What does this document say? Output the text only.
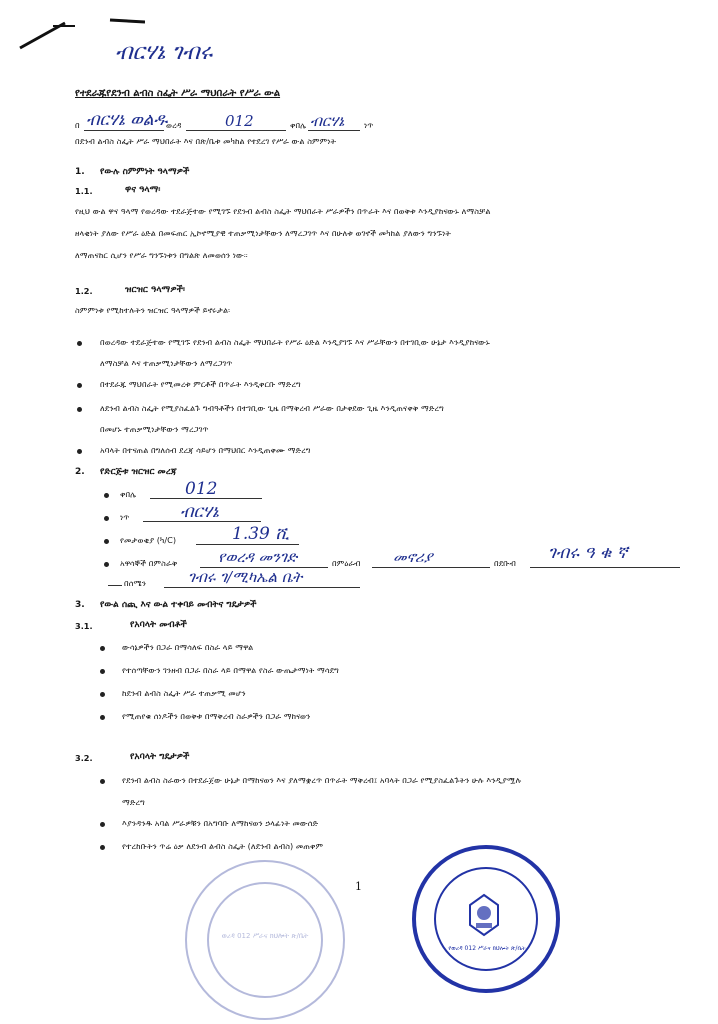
ብርሃኔ ገብሩ
የተደራጁየደንብ ልብስ ስፌት ሥራ ማህበራት የሥራ ውል
በ ብርሃኔ ወልዱ
ወረዳ	012	ቀበሌ ብርሃኔ ነጥ
በደንብ ልብስ ስፌት ሥራ ማህበራት እና በጽ/ቤቱ መካከል የተደረገ የሥራ ውል ስምምነት
1. የውሉ ስምምነት ዓላማዎች
1.1.	ዋና ዓላማ፡
የዚህ ውል ዋና ዓላማ የወረዳው ተደራጅተው የሚገኙ የደንብ ልብስ ስፌት ማህበራት ሥራዎችን በጥራት እና በወቅቱ እንዲያከናውኑ ለማስቻል
ዘላቂነት ያለው የሥራ ዕድል በመፍጠር ኢኮኖሚያዊ ተጠቃሚነታቸውን ለማረጋገጥ እና በሁለቱ ወገኖች መካከል ያለውን ግንኙነት
ለማጠናከር ሲሆን የሥራ ግንኙነቱን በግልጽ ለመወሰን ነው።
1.2.	ዝርዝር ዓላማዎች፡
ስምምነቱ የሚከተሉትን ዝርዝር ዓላማዎች ይኖሩታል፡
በወረዳው ተደራጅተው የሚገኙ የደንብ ልብስ ስፌት ማህበራት የሥራ ዕድል እንዲያገኙ እና ሥራቸውን በተገቢው ሁኔታ እንዲያከናውኑ
ለማስቻል እና ተጠቃሚነታቸውን ለማረጋገጥ
በተደራጁ ማህበራት የሚመረቱ ምርቶች በጥራት እንዲቀርቡ ማድረግ
ለደንብ ልብስ ስፌት የሚያስፈልጉ ግብዓቶችን በተገቢው ጊዜ በማቅረብ ሥራው በታቀደው ጊዜ እንዲጠናቀቅ ማድረግ
በመሆኑ ተጠቃሚነታቸውን ማረጋገጥ
አባላት በተናጠል በግለሰብ ደረጃ ሳይሆን በማህበር እንዲጠቀሙ ማድረግ
2. የድርጅቱ ዝርዝር መረጃ
ቀበሌ	012
ነጥ	ብርሃኔ
የመታወቂያ (ካ/C)	1.39 ሺ
አዋሳኞች በምስራቅ	የወረዳ መንገድ	በምዕራብ መኖሪያ	በደቡብ ገብሩ ዓ ቁ ኛ
በሰሜን	ገብሩ ገ/ሚካኤል ቤት
3. የውል ሰጪ እና ውል ተቀባይ መብትና ግዴታዎች
3.1.	የአባላት መብቶች
ውሳኔዎችን በጋራ በማሳለፍ በስራ ላይ ማዋል
የተሰጣቸውን ገንዘብ በጋራ በስራ ላይ በማዋል የስራ ውጤታማነት ማሳደግ
ከደንብ ልብስ ስፌት ሥራ ተጠቃሚ መሆን
የሚጠየቁ ሰነዶችን በወቅቱ በማቅረብ ስራዎችን በጋራ ማከናወን
3.2.	የአባላት ግዴታዎች
የደንብ ልብስ ስራውን በተደራጀው ሁኔታ በማከናወን እና ያለማቋረጥ በጥራት ማቅረብ፤ አባላት በጋራ የሚያስፈልጉትን ሁሉ እንዲያሟሉ
ማድረግ
እያንዳንዱ አባል ሥራዎቹን በአግባቡ ለማከናወን ኃላፊነት መውሰድ
የተረከቡትን ጥሬ ዕቃ ለደንብ ልብስ ስፌት (ለደንብ ልብስ) መጠቀም
1
ወረዳ 012 ሥራና ክህሎት ጽ/ቤት
የወረዳ 012 ሥራና ክህሎት ጽ/ቤት
